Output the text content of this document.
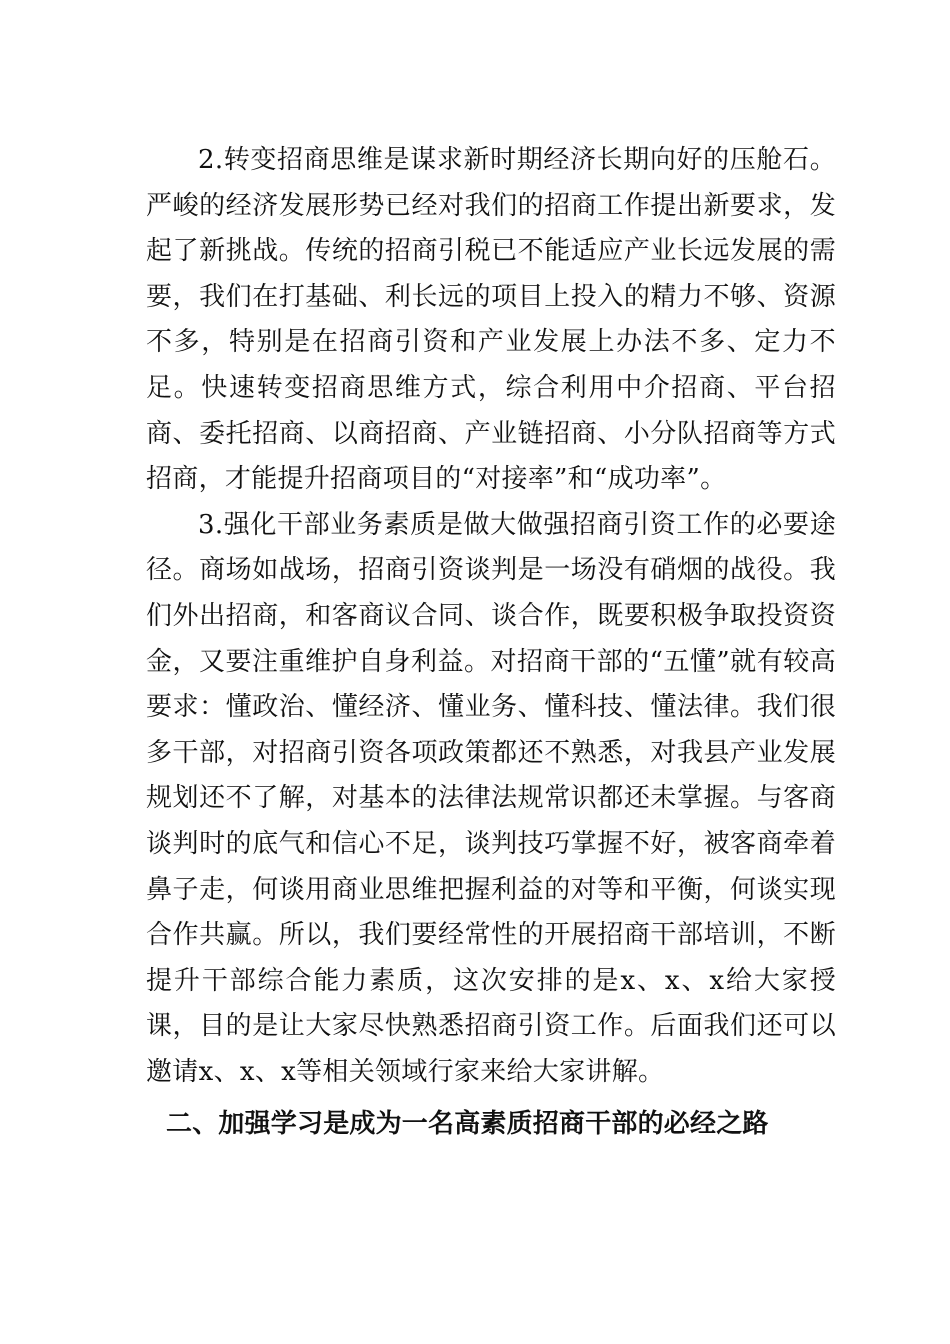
2.转变招商思维是谋求新时期经济长期向好的压舱石。严峻的经济发展形势已经对我们的招商工作提出新要求，发起了新挑战。传统的招商引税已不能适应产业长远发展的需要，我们在打基础、利长远的项目上投入的精力不够、资源不多，特别是在招商引资和产业发展上办法不多、定力不足。快速转变招商思维方式，综合利用中介招商、平台招商、委托招商、以商招商、产业链招商、小分队招商等方式招商，才能提升招商项目的“对接率”和“成功率”。

3.强化干部业务素质是做大做强招商引资工作的必要途径。商场如战场，招商引资谈判是一场没有硝烟的战役。我们外出招商，和客商议合同、谈合作，既要积极争取投资资金，又要注重维护自身利益。对招商干部的“五懂”就有较高要求：懂政治、懂经济、懂业务、懂科技、懂法律。我们很多干部，对招商引资各项政策都还不熟悉，对我县产业发展规划还不了解，对基本的法律法规常识都还未掌握。与客商谈判时的底气和信心不足，谈判技巧掌握不好，被客商牵着鼻子走，何谈用商业思维把握利益的对等和平衡，何谈实现合作共赢。所以，我们要经常性的开展招商干部培训，不断提升干部综合能力素质，这次安排的是x、x、x给大家授课，目的是让大家尽快熟悉招商引资工作。后面我们还可以邀请x、x、x等相关领域行家来给大家讲解。

二、加强学习是成为一名高素质招商干部的必经之路
